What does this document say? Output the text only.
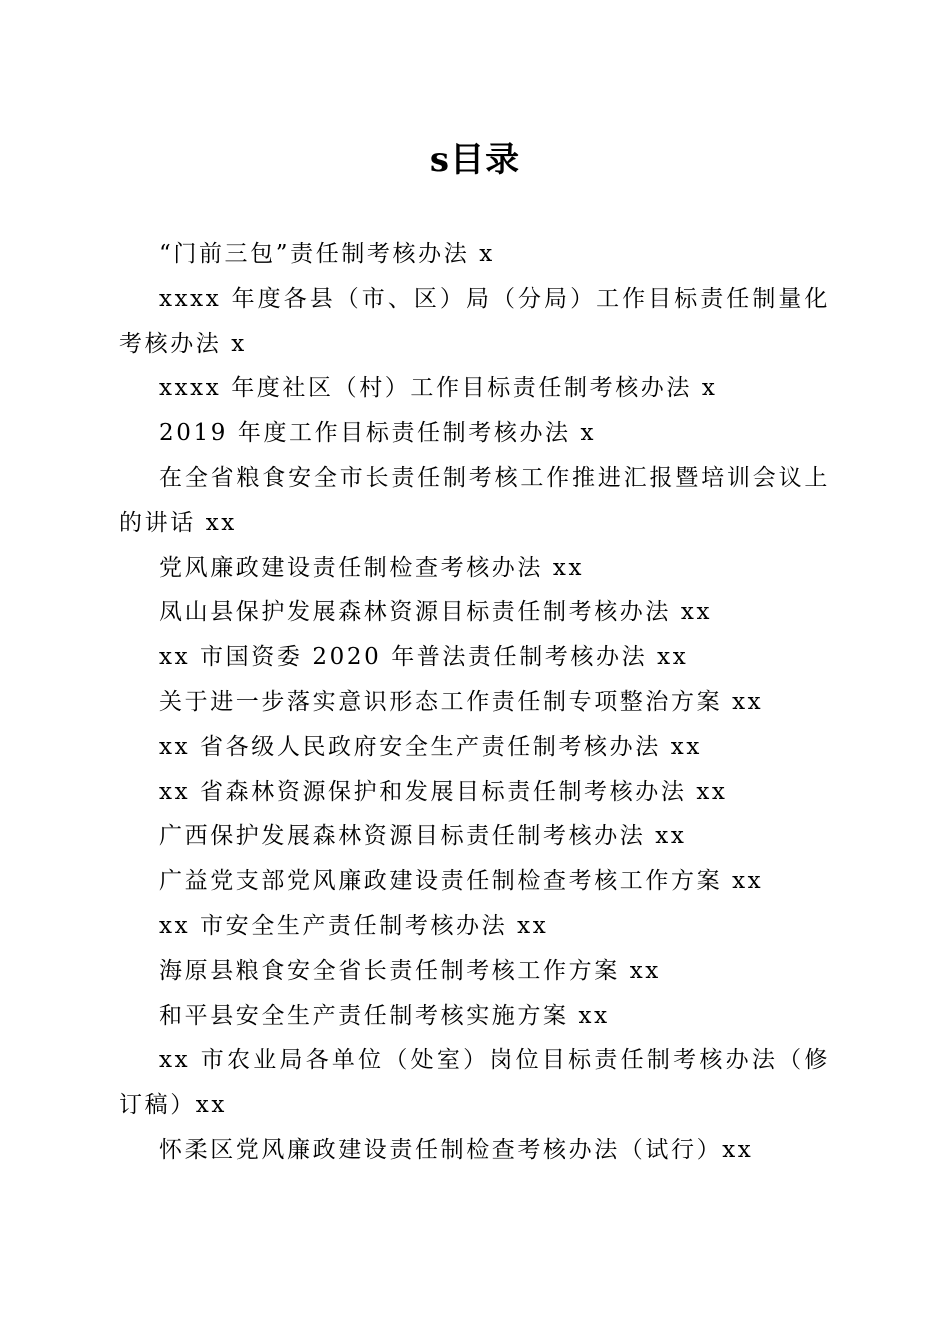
s目录
“门前三包”责任制考核办法 x
xxxx 年度各县（市、区）局（分局）工作目标责任制量化考核办法 x
xxxx 年度社区（村）工作目标责任制考核办法 x
2019 年度工作目标责任制考核办法 x
在全省粮食安全市长责任制考核工作推进汇报暨培训会议上的讲话 xx
党风廉政建设责任制检查考核办法 xx
凤山县保护发展森林资源目标责任制考核办法 xx
xx 市国资委 2020 年普法责任制考核办法 xx
关于进一步落实意识形态工作责任制专项整治方案 xx
xx 省各级人民政府安全生产责任制考核办法 xx
xx 省森林资源保护和发展目标责任制考核办法 xx
广西保护发展森林资源目标责任制考核办法 xx
广益党支部党风廉政建设责任制检查考核工作方案 xx
xx 市安全生产责任制考核办法 xx
海原县粮食安全省长责任制考核工作方案 xx
和平县安全生产责任制考核实施方案 xx
xx 市农业局各单位（处室）岗位目标责任制考核办法（修订稿）xx
怀柔区党风廉政建设责任制检查考核办法（试行）xx
